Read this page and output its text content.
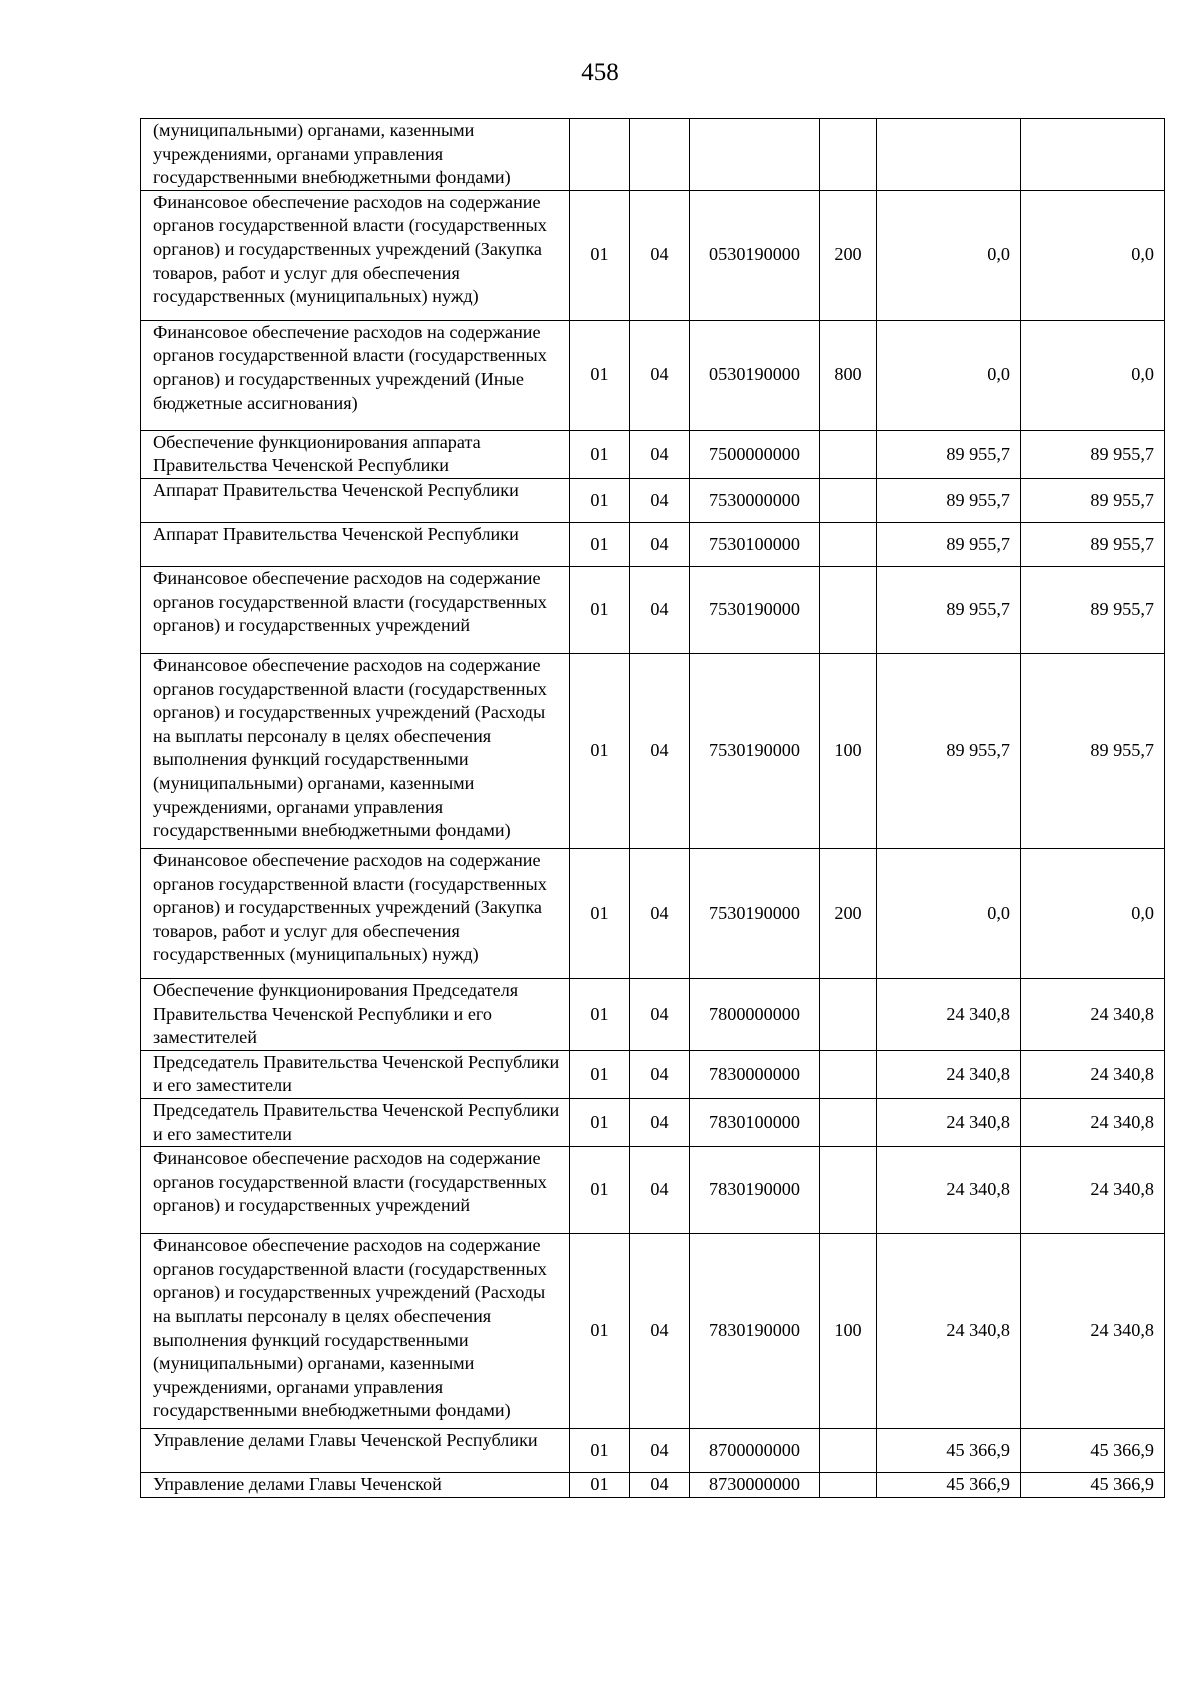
458
(муниципальными) органами, казенными учреждениями, органами управления государственными внебюджетными фондами)						
Финансовое обеспечение расходов на содержание органов государственной власти (государственных органов) и государственных учреждений (Закупка товаров, работ и услуг для обеспечения государственных (муниципальных) нужд)	01	04	0530190000	200	0,0	0,0
Финансовое обеспечение расходов на содержание органов государственной власти (государственных органов) и государственных учреждений (Иные бюджетные ассигнования)	01	04	0530190000	800	0,0	0,0
Обеспечение функционирования аппарата Правительства Чеченской Республики	01	04	7500000000		89 955,7	89 955,7
Аппарат Правительства Чеченской Республики	01	04	7530000000		89 955,7	89 955,7
Аппарат Правительства Чеченской Республики	01	04	7530100000		89 955,7	89 955,7
Финансовое обеспечение расходов на содержание органов государственной власти (государственных органов) и государственных учреждений	01	04	7530190000		89 955,7	89 955,7
Финансовое обеспечение расходов на содержание органов государственной власти (государственных органов) и государственных учреждений (Расходы на выплаты персоналу в целях обеспечения выполнения функций государственными (муниципальными) органами, казенными учреждениями, органами управления государственными внебюджетными фондами)	01	04	7530190000	100	89 955,7	89 955,7
Финансовое обеспечение расходов на содержание органов государственной власти (государственных органов) и государственных учреждений (Закупка товаров, работ и услуг для обеспечения государственных (муниципальных) нужд)	01	04	7530190000	200	0,0	0,0
Обеспечение функционирования Председателя Правительства Чеченской Республики и его заместителей	01	04	7800000000		24 340,8	24 340,8
Председатель Правительства Чеченской Республики и его заместители	01	04	7830000000		24 340,8	24 340,8
Председатель Правительства Чеченской Республики и его заместители	01	04	7830100000		24 340,8	24 340,8
Финансовое обеспечение расходов на содержание органов государственной власти (государственных органов) и государственных учреждений	01	04	7830190000		24 340,8	24 340,8
Финансовое обеспечение расходов на содержание органов государственной власти (государственных органов) и государственных учреждений (Расходы на выплаты персоналу в целях обеспечения выполнения функций государственными (муниципальными) органами, казенными учреждениями, органами управления государственными внебюджетными фондами)	01	04	7830190000	100	24 340,8	24 340,8
Управление делами Главы Чеченской Республики	01	04	8700000000		45 366,9	45 366,9
Управление делами Главы Чеченской	01	04	8730000000		45 366,9	45 366,9
